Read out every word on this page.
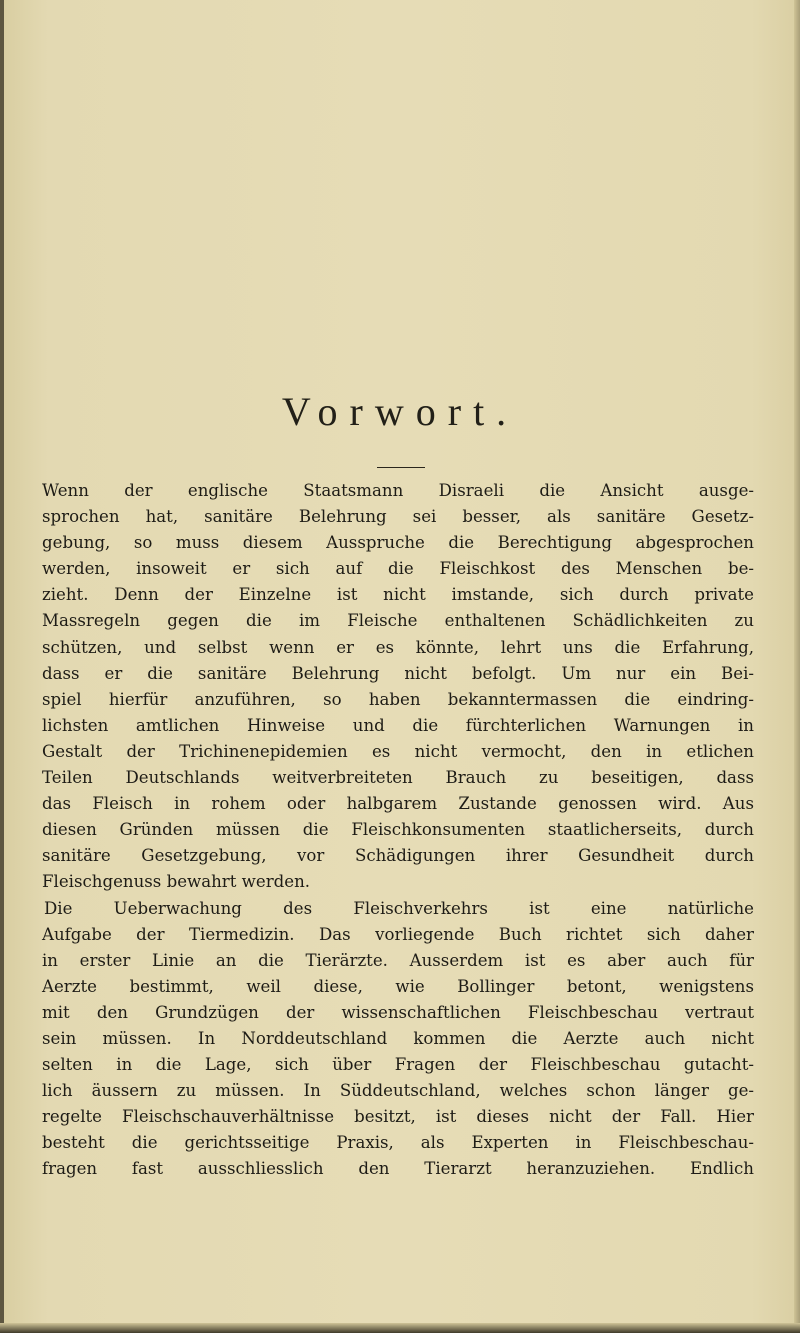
Vorwort.
Wenn der englische Staatsmann Disraeli die Ansicht ausge-
sprochen hat, sanitäre Belehrung sei besser, als sanitäre Gesetz-
gebung, so muss diesem Ausspruche die Berechtigung abgesprochen
werden, insoweit er sich auf die Fleischkost des Menschen be-
zieht. Denn der Einzelne ist nicht imstande, sich durch private
Massregeln gegen die im Fleische enthaltenen Schädlichkeiten zu
schützen, und selbst wenn er es könnte, lehrt uns die Erfahrung,
dass er die sanitäre Belehrung nicht befolgt. Um nur ein Bei-
spiel hierfür anzuführen, so haben bekanntermassen die eindring-
lichsten amtlichen Hinweise und die fürchterlichen Warnungen in
Gestalt der Trichinenepidemien es nicht vermocht, den in etlichen
Teilen Deutschlands weitverbreiteten Brauch zu beseitigen, dass
das Fleisch in rohem oder halbgarem Zustande genossen wird. Aus
diesen Gründen müssen die Fleischkonsumenten staatlicherseits, durch
sanitäre Gesetzgebung, vor Schädigungen ihrer Gesundheit durch
Fleischgenuss bewahrt werden.
Die Ueberwachung des Fleischverkehrs ist eine natürliche
Aufgabe der Tiermedizin. Das vorliegende Buch richtet sich daher
in erster Linie an die Tierärzte. Ausserdem ist es aber auch für
Aerzte bestimmt, weil diese, wie Bollinger betont, wenigstens
mit den Grundzügen der wissenschaftlichen Fleischbeschau vertraut
sein müssen. In Norddeutschland kommen die Aerzte auch nicht
selten in die Lage, sich über Fragen der Fleischbeschau gutacht-
lich äussern zu müssen. In Süddeutschland, welches schon länger ge-
regelte Fleischschauverhältnisse besitzt, ist dieses nicht der Fall. Hier
besteht die gerichtsseitige Praxis, als Experten in Fleischbeschau-
fragen fast ausschliesslich den Tierarzt heranzuziehen. Endlich
